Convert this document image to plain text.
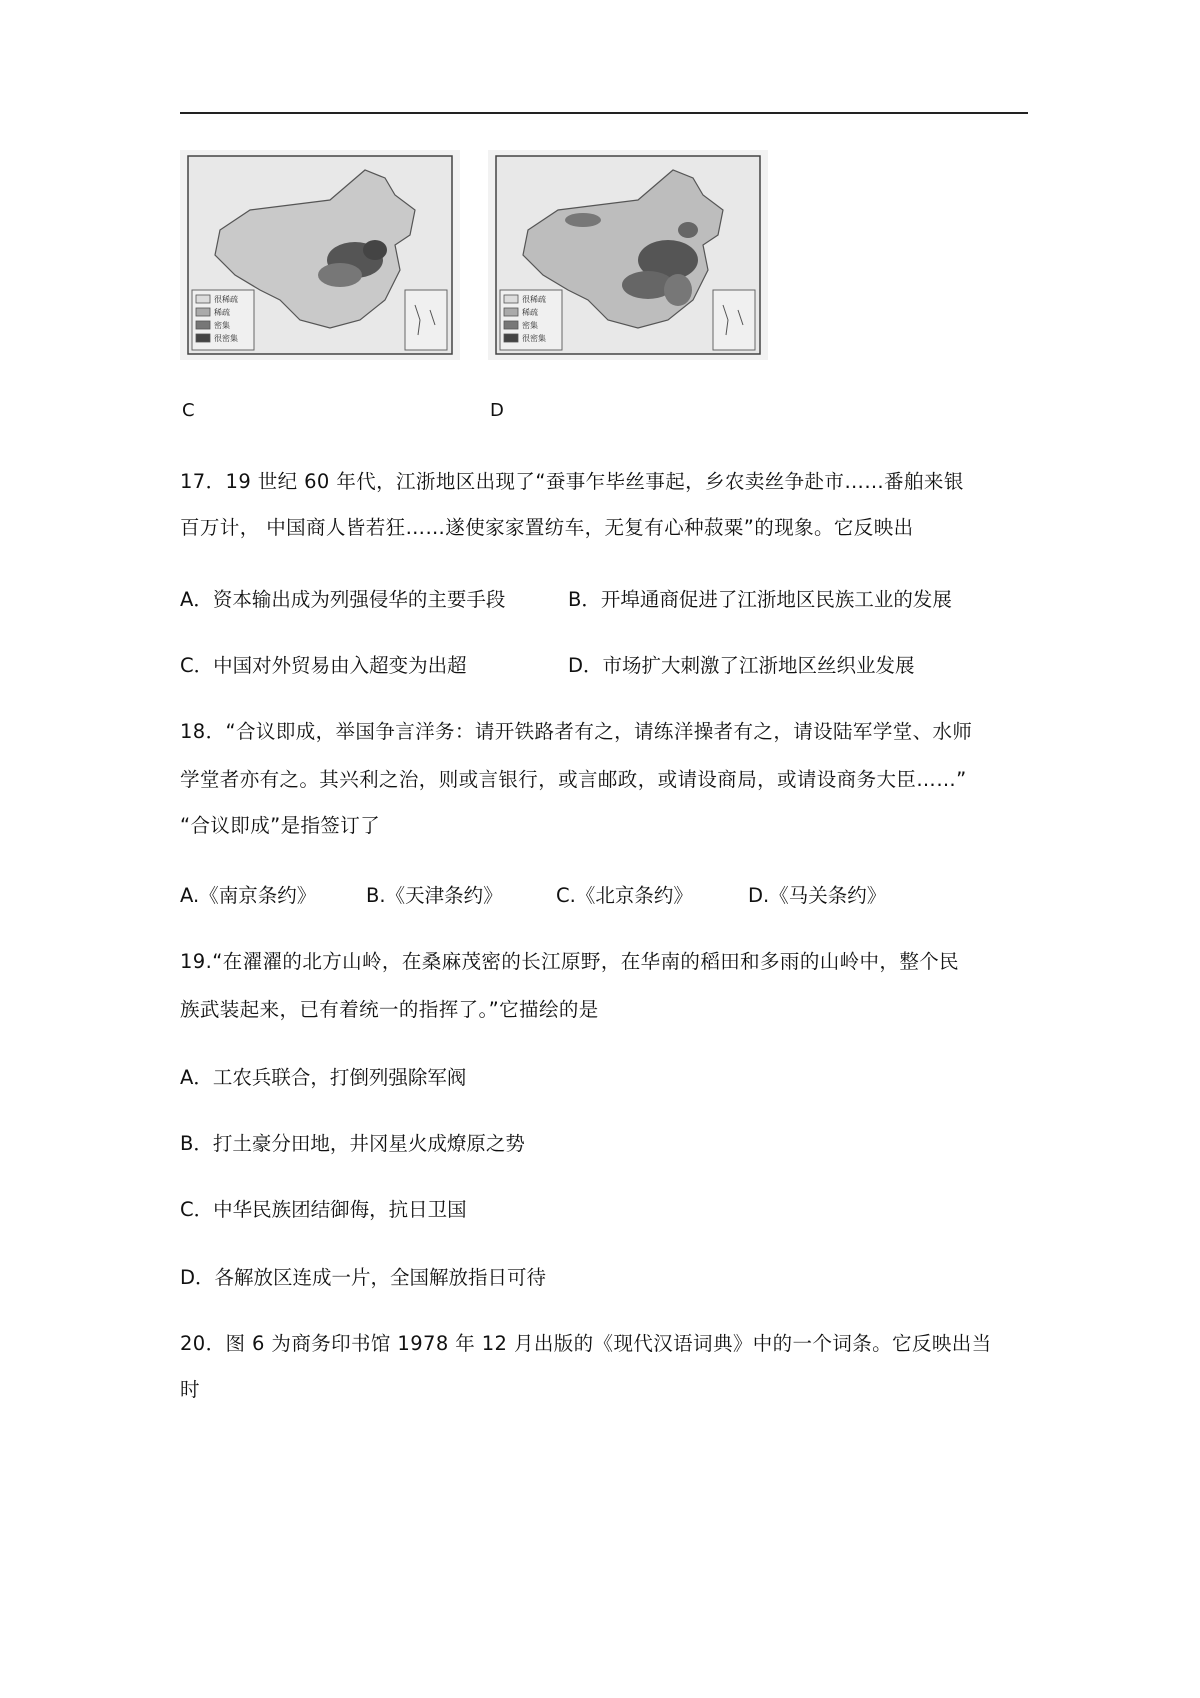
很稀疏
稀疏
密集
很密集
很稀疏
稀疏
密集
很密集
C	D
17．19 世纪 60 年代，江浙地区出现了“蚕事乍毕丝事起，乡农卖丝争赴市……番舶来银
百万计， 中国商人皆若狂……遂使家家置纺车，无复有心种菽粟”的现象。它反映出
A．资本输出成为列强侵华的主要手段	B．开埠通商促进了江浙地区民族工业的发展
C．中国对外贸易由入超变为出超	D．市场扩大刺激了江浙地区丝织业发展
18．“合议即成，举国争言洋务：请开铁路者有之，请练洋操者有之，请设陆军学堂、水师
学堂者亦有之。其兴利之治，则或言银行，或言邮政，或请设商局，或请设商务大臣……”
“合议即成”是指签订了
A.《南京条约》	B.《天津条约》	C.《北京条约》	D.《马关条约》
19.“在濯濯的北方山岭，在桑麻茂密的长江原野，在华南的稻田和多雨的山岭中，整个民
族武装起来，已有着统一的指挥了。”它描绘的是
A．工农兵联合，打倒列强除军阀
B．打土豪分田地，井冈星火成燎原之势
C．中华民族团结御侮，抗日卫国
D．各解放区连成一片，全国解放指日可待
20．图 6 为商务印书馆 1978 年 12 月出版的《现代汉语词典》中的一个词条。它反映出当
时
